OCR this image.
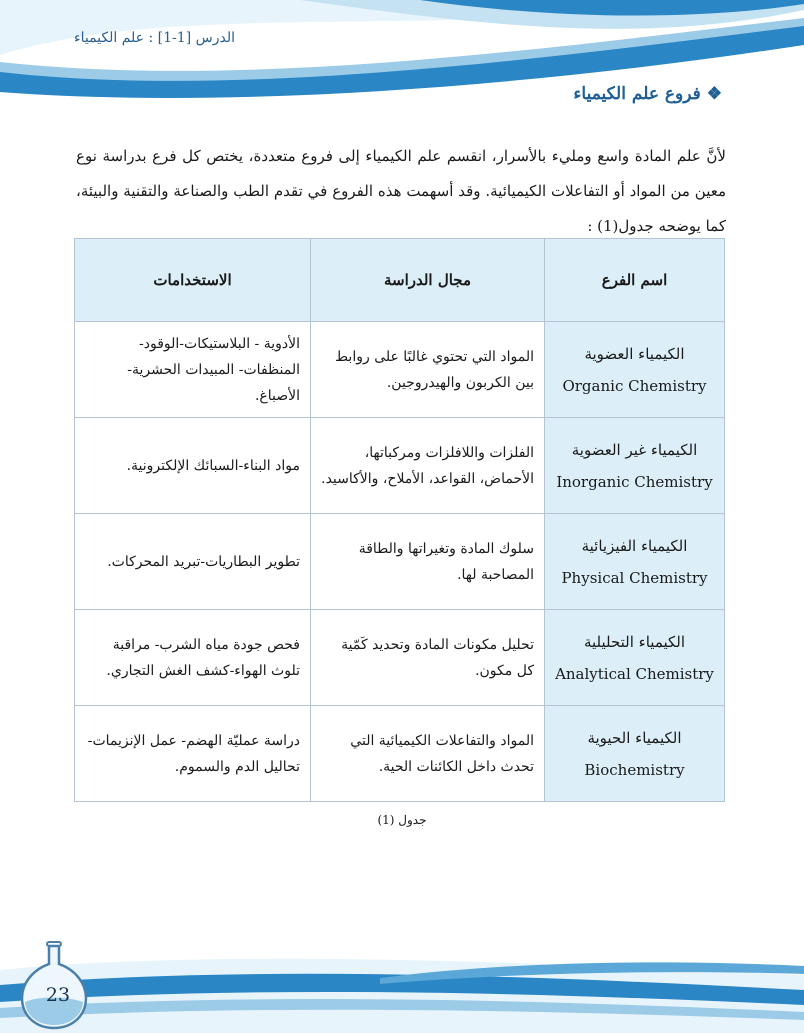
الدرس [1-1] : علم الكيمياء
❖فروع علم الكيمياء

لأنَّ علم المادة واسع ومليء بالأسرار، انقسم علم الكيمياء إلى فروع متعددة، يختص كل فرع بدراسة نوع معين من المواد أو التفاعلات الكيميائية. وقد أسهمت هذه الفروع في تقدم الطب والصناعة والتقنية والبيئة، كما يوضحه جدول(1) :

اسم الفرع	مجال الدراسة	الاستخدامات

الكيمياء العضوية
Organic Chemistry	المواد التي تحتوي غالبًا على روابط بين الكربون والهيدروجين.	الأدوية - البلاستيكات-الوقود-المنظفات- المبيدات الحشرية- الأصباغ.

الكيمياء غير العضوية
Inorganic Chemistry	الفلزات واللافلزات ومركباتها، الأحماض، القواعد، الأملاح، والأكاسيد.	مواد البناء-السبائك الإلكترونية.

الكيمياء الفيزيائية
Physical Chemistry	سلوك المادة وتغيراتها والطاقة المصاحبة لها.	تطوير البطاريات-تبريد المحركات.

الكيمياء التحليلية
Analytical Chemistry	تحليل مكونات المادة وتحديد كَمّية كل مكون.	فحص جودة مياه الشرب- مراقبة تلوث الهواء-كشف الغش التجاري.

الكيمياء الحيوية
Biochemistry	المواد والتفاعلات الكيميائية التي تحدث داخل الكائنات الحية.	دراسة عمليّة الهضم- عمل الإنزيمات-تحاليل الدم والسموم.
جدول (1)
23
